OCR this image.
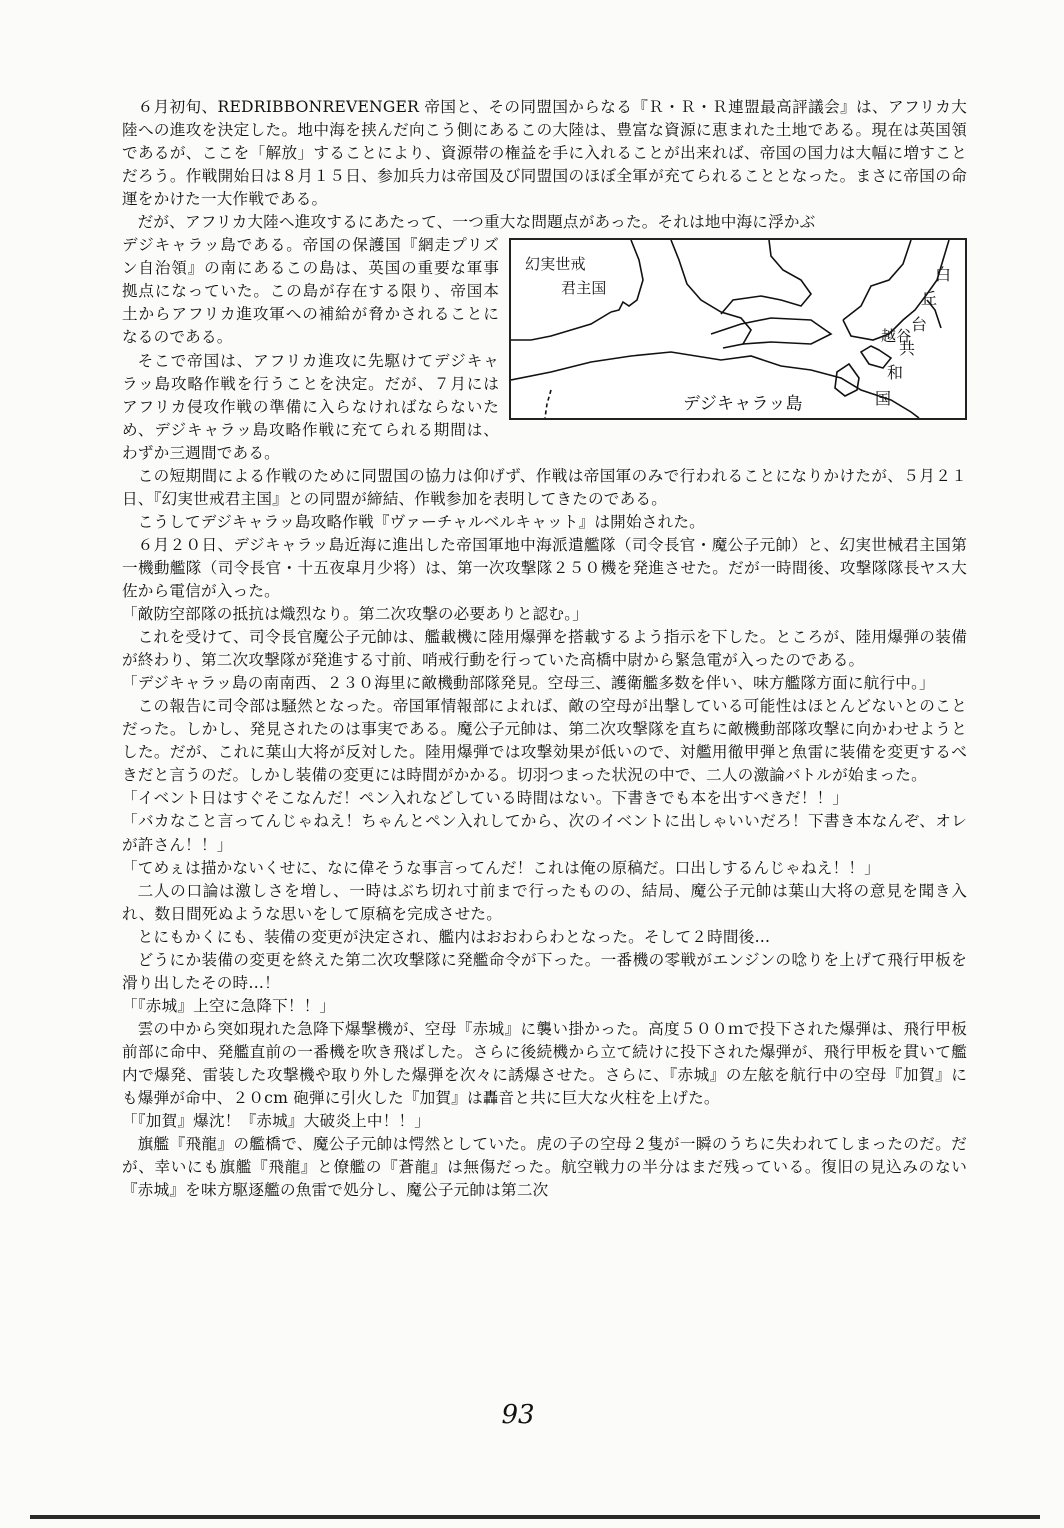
６月初旬、REDRIBBONREVENGER 帝国と、その同盟国からなる『Ｒ・Ｒ・Ｒ連盟最高評議会』は、アフリカ大陸への進攻を決定した。地中海を挟んだ向こう側にあるこの大陸は、豊富な資源に恵まれた土地である。現在は英国領であるが、ここを「解放」することにより、資源帯の権益を手に入れることが出来れば、帝国の国力は大幅に増すことだろう。作戦開始日は８月１５日、参加兵力は帝国及び同盟国のほぼ全軍が充てられることとなった。まさに帝国の命運をかけた一大作戦である。

だが、アフリカ大陸へ進攻するにあたって、一つ重大な問題点があった。それは地中海に浮かぶ

幻実世戒
君主国
越谷
デジキャラッ島
白
丘
台
共
和
国

デジキャラッ島である。帝国の保護国『網走プリズン自治領』の南にあるこの島は、英国の重要な軍事拠点になっていた。この島が存在する限り、帝国本土からアフリカ進攻軍への補給が脅かされることになるのである。

そこで帝国は、アフリカ進攻に先駆けてデジキャラッ島攻略作戦を行うことを決定。だが、７月にはアフリカ侵攻作戦の準備に入らなければならないため、デジキャラッ島攻略作戦に充てられる期間は、わずか三週間である。

この短期間による作戦のために同盟国の協力は仰げず、作戦は帝国軍のみで行われることになりかけたが、５月２１日、『幻実世戒君主国』との同盟が締結、作戦参加を表明してきたのである。

こうしてデジキャラッ島攻略作戦『ヴァーチャルベルキャット』は開始された。

６月２０日、デジキャラッ島近海に進出した帝国軍地中海派遣艦隊（司令長官・魔公子元帥）と、幻実世械君主国第一機動艦隊（司令長官・十五夜皐月少将）は、第一次攻撃隊２５０機を発進させた。だが一時間後、攻撃隊隊長ヤス大佐から電信が入った。

「敵防空部隊の抵抗は熾烈なり。第二次攻撃の必要ありと認む。」

これを受けて、司令長官魔公子元帥は、艦載機に陸用爆弾を搭載するよう指示を下した。ところが、陸用爆弾の装備が終わり、第二次攻撃隊が発進する寸前、哨戒行動を行っていた高橋中尉から緊急電が入ったのである。

「デジキャラッ島の南南西、２３０海里に敵機動部隊発見。空母三、護衛艦多数を伴い、味方艦隊方面に航行中。」

この報告に司令部は騒然となった。帝国軍情報部によれば、敵の空母が出撃している可能性はほとんどないとのことだった。しかし、発見されたのは事実である。魔公子元帥は、第二次攻撃隊を直ちに敵機動部隊攻撃に向かわせようとした。だが、これに葉山大将が反対した。陸用爆弾では攻撃効果が低いので、対艦用徹甲弾と魚雷に装備を変更するべきだと言うのだ。しかし装備の変更には時間がかかる。切羽つまった状況の中で、二人の激論バトルが始まった。

「イベント日はすぐそこなんだ！ペン入れなどしている時間はない。下書きでも本を出すべきだ！！」

「バカなこと言ってんじゃねえ！ちゃんとペン入れしてから、次のイベントに出しゃいいだろ！下書き本なんぞ、オレが許さん！！」

「てめぇは描かないくせに、なに偉そうな事言ってんだ！これは俺の原稿だ。口出しするんじゃねえ！！」

二人の口論は激しさを増し、一時はぶち切れ寸前まで行ったものの、結局、魔公子元帥は葉山大将の意見を聞き入れ、数日間死ぬような思いをして原稿を完成させた。

とにもかくにも、装備の変更が決定され、艦内はおおわらわとなった。そして２時間後…

どうにか装備の変更を終えた第二次攻撃隊に発艦命令が下った。一番機の零戦がエンジンの唸りを上げて飛行甲板を滑り出したその時…！

「『赤城』上空に急降下！！」

雲の中から突如現れた急降下爆撃機が、空母『赤城』に襲い掛かった。高度５００ｍで投下された爆弾は、飛行甲板前部に命中、発艦直前の一番機を吹き飛ばした。さらに後続機から立て続けに投下された爆弾が、飛行甲板を貫いて艦内で爆発、雷装した攻撃機や取り外した爆弾を次々に誘爆させた。さらに、『赤城』の左舷を航行中の空母『加賀』にも爆弾が命中、２０cm 砲弾に引火した『加賀』は轟音と共に巨大な火柱を上げた。

「『加賀』爆沈！『赤城』大破炎上中！！」

旗艦『飛龍』の艦橋で、魔公子元帥は愕然としていた。虎の子の空母２隻が一瞬のうちに失われてしまったのだ。だが、幸いにも旗艦『飛龍』と僚艦の『蒼龍』は無傷だった。航空戦力の半分はまだ残っている。復旧の見込みのない『赤城』を味方駆逐艦の魚雷で処分し、魔公子元帥は第二次

93
